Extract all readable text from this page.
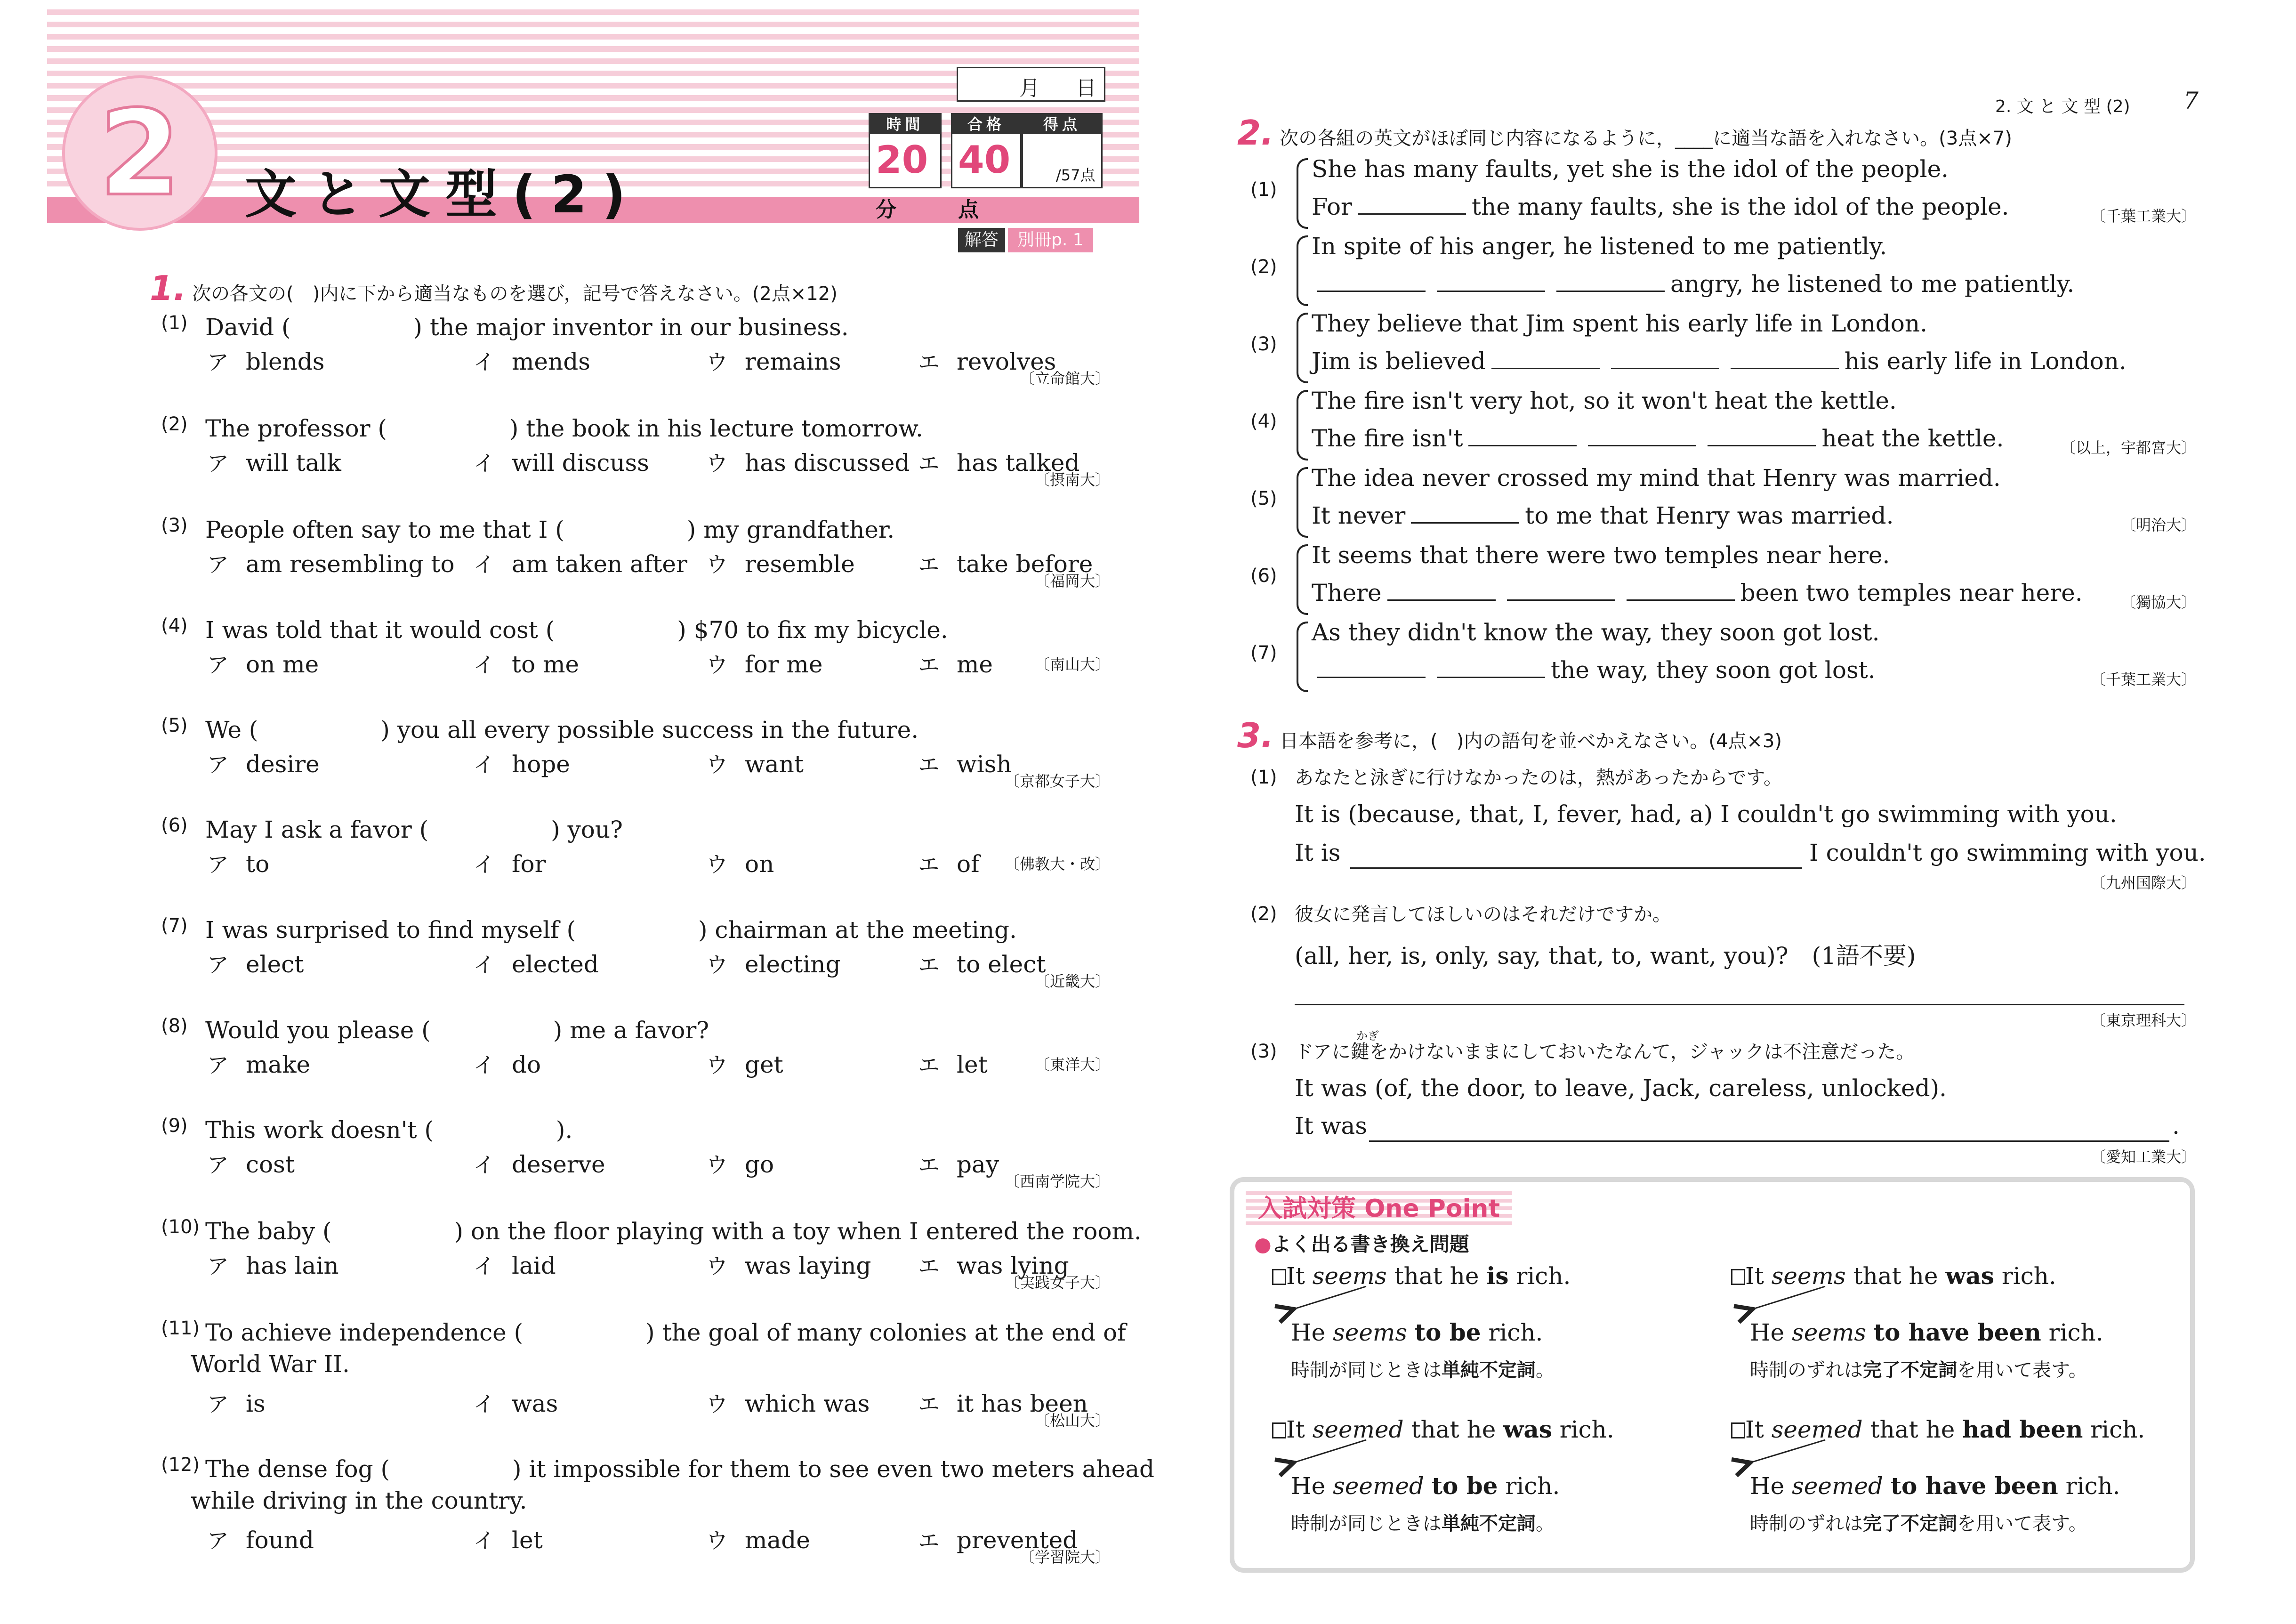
2	文と文型(2)
月 日
時間
20分
合格
40点
得点
/57点
解答 別冊p. 1
1. 次の各文の(　)内に下から適当なものを選び，記号で答えなさい。(2点×12)
(1) David (　　　　	) the major inventor in our business.
ア blends	イ mends	ウ remains	エ revolves
〔立命館大〕
(2) The professor (　　　　	) the book in his lecture tomorrow.
ア will talk	イ will discuss	ウ has discussed エ has talked
〔摂南大〕
(3) People often say to me that I (　　　　	) my grandfather.
ア am resembling to イ am taken after ウ resemble	エ take before
〔福岡大〕
(4) I was told that it would cost (　　　　	) $70 to fix my bicycle.
ア on me	イ to me	ウ for me	エ me	〔南山大〕
(5) We (　　　　	) you all every possible success in the future.
ア desire	イ hope	ウ want	エ wish
〔京都女子大〕
(6) May I ask a favor (　　　　	) you?
ア to	イ for	ウ on	エ of 〔佛教大・改〕
(7) I was surprised to find myself (　　　　	) chairman at the meeting.
ア elect	イ elected	ウ electing	エ to elect
〔近畿大〕
(8) Would you please (　　　　	) me a favor?
ア make	イ do	ウ get	エ let	〔東洋大〕
(9) This work doesn't (　　　　	).
ア cost	イ deserve	ウ go	エ pay
〔西南学院大〕
(10) The baby (　　　　	) on the floor playing with a toy when I entered the room.
ア has lain	イ laid	ウ was laying エ was lying
〔実践女子大〕
(11) To achieve independence (　　　　	) the goal of many colonies at the end of
World War II.
ア is	イ was	ウ which was エ it has been
〔松山大〕
(12) The dense fog (　　　　	) it impossible for them to see even two meters ahead
while driving in the country.
ア found	イ let	ウ made	エ prevented
〔学習院大〕
2. 文 と 文 型 (2) 7
2. 次の各組の英文がほぼ同じ内容になるように，____に適当な語を入れなさい。(3点×7)
(1)
She has many faults, yet she is the idol of the people.
For	the many faults, she is the idol of the people.	〔千葉工業大〕
(2)
In spite of his anger, he listened to me patiently.
angry, he listened to me patiently.
(3)
They believe that Jim spent his early life in London.
Jim is believed	his early life in London.
(4)
The fire isn't very hot, so it won't heat the kettle.
The fire isn't	heat the kettle.	〔以上，宇都宮大〕
(5)
The idea never crossed my mind that Henry was married.
It never	to me that Henry was married.	〔明治大〕
(6)
It seems that there were two temples near here.
There	been two temples near here.	〔獨協大〕
(7)
As they didn't know the way, they soon got lost.
the way, they soon got lost.	〔千葉工業大〕
3. 日本語を参考に，(　)内の語句を並べかえなさい。(4点×3)
(1) あなたと泳ぎに行けなかったのは，熱があったからです。
It is (because, that, I, fever, had, a) I couldn't go swimming with you.
It is	I couldn't go swimming with you.
〔九州国際大〕
(2) 彼女に発言してほしいのはそれだけですか。
(all, her, is, only, say, that, to, want, you)?　(1語不要)
〔東京理科大〕
(3)
かぎ
ドアに鍵をかけないままにしておいたなんて，ジャックは不注意だった。
It was (of, the door, to leave, Jack, careless, unlocked).
It was	.
〔愛知工業大〕
入試対策 One Point
●よく出る書き換え問題
It seems that he is rich.
He seems to be rich.
時制が同じときは単純不定詞。
It seems that he was rich.
He seems to have been rich.
時制のずれは完了不定詞を用いて表す。
It seemed that he was rich.
He seemed to be rich.
時制が同じときは単純不定詞。
It seemed that he had been rich.
He seemed to have been rich.
時制のずれは完了不定詞を用いて表す。
